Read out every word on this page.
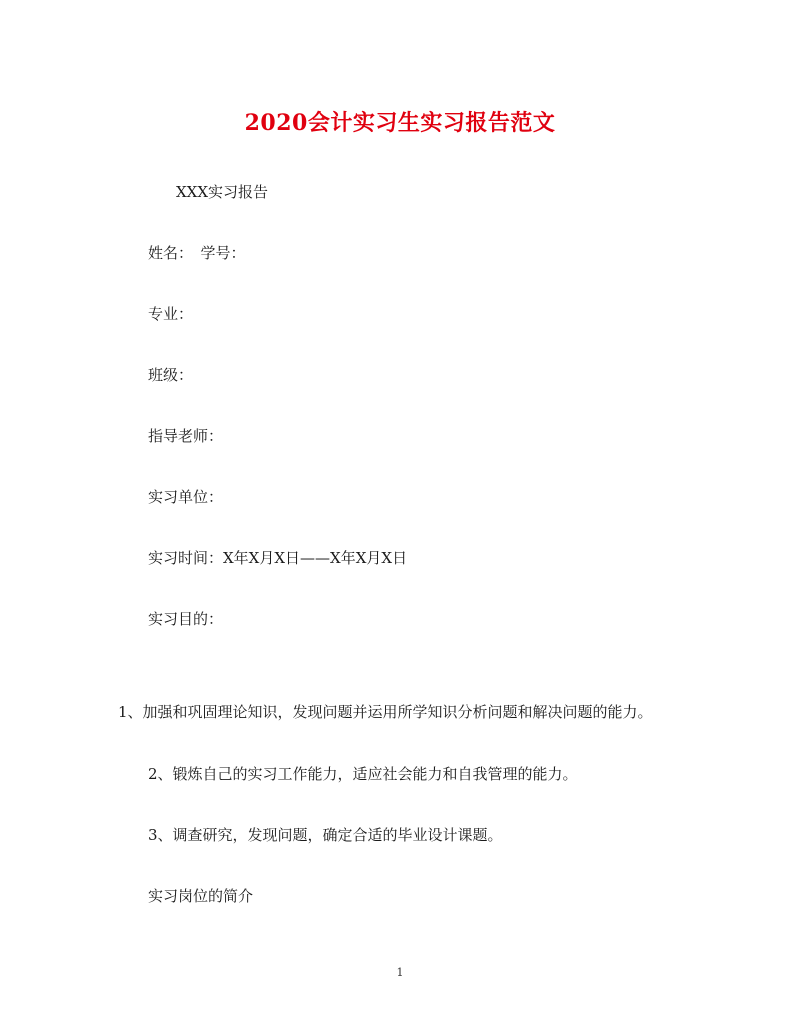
2020会计实习生实习报告范文
XXX实习报告
姓名：　学号：
专业：
班级：
指导老师：
实习单位：
实习时间：X年X月X日——X年X月X日
实习目的：
1、加强和巩固理论知识，发现问题并运用所学知识分析问题和解决问题的能力。
2、锻炼自己的实习工作能力，适应社会能力和自我管理的能力。
3、调查研究，发现问题，确定合适的毕业设计课题。
实习岗位的简介
1
